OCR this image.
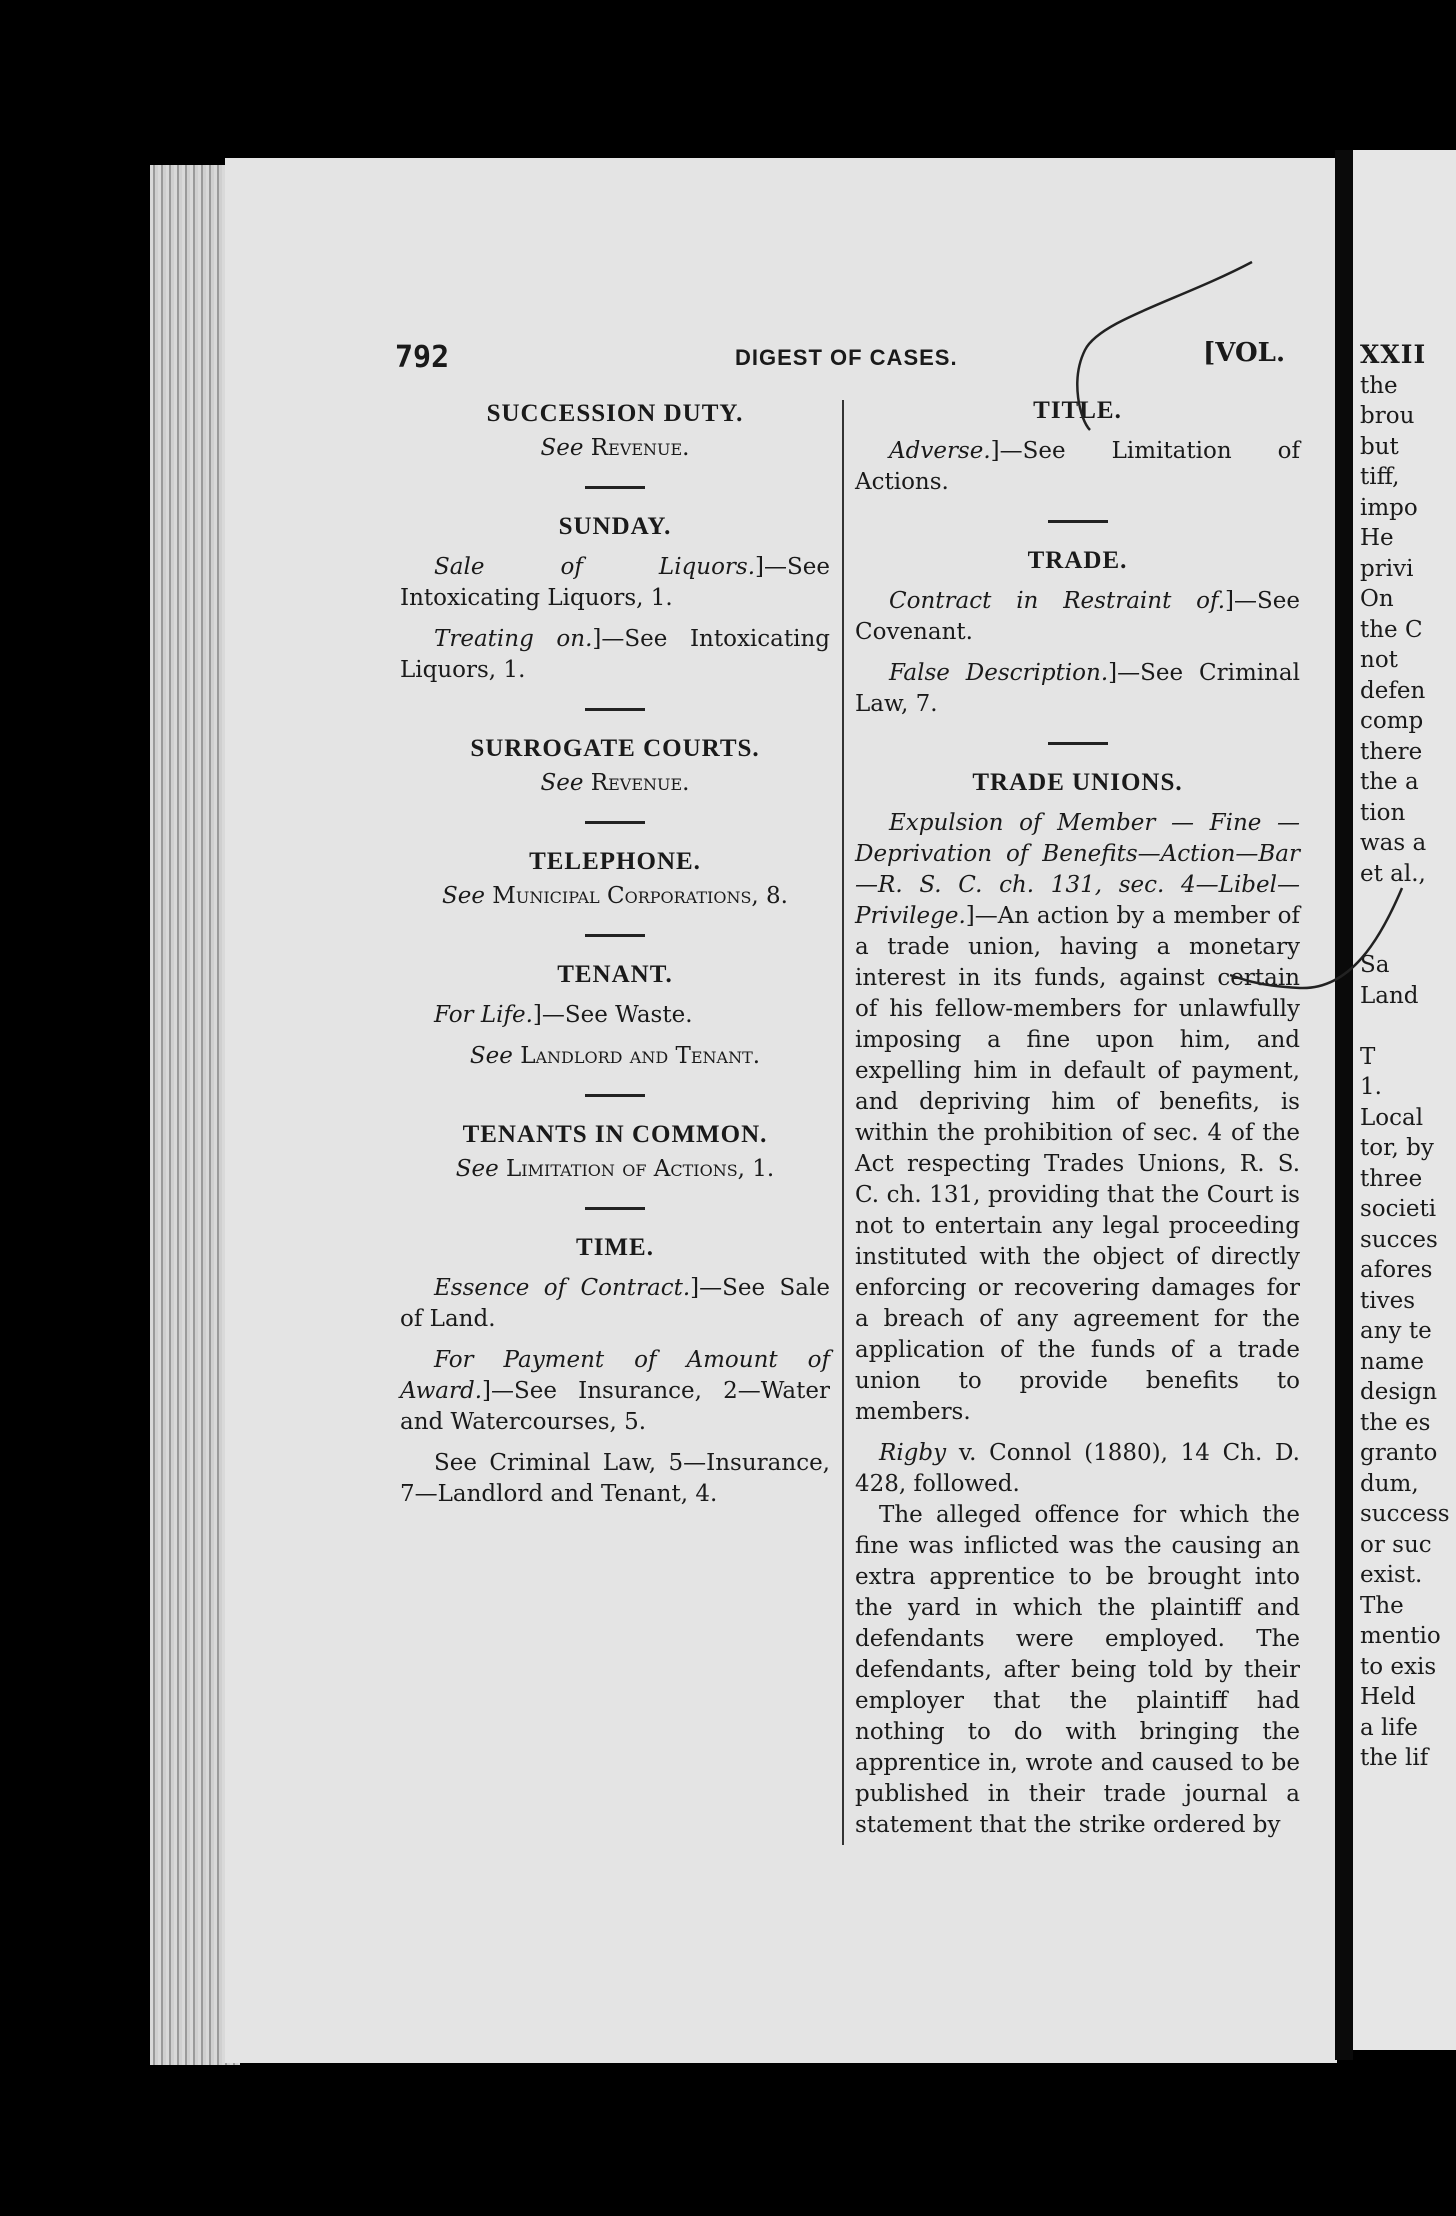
792	DIGEST OF CASES.	[VOL.

SUCCESSION DUTY.

See Revenue.

SUNDAY.

Sale of Liquors.]—See Intoxicating Liquors, 1.

Treating on.]—See Intoxicating Liquors, 1.

SURROGATE COURTS.

See Revenue.

TELEPHONE.

See Municipal Corporations, 8.

TENANT.

For Life.]—See Waste.

See Landlord and Tenant.

TENANTS IN COMMON.

See Limitation of Actions, 1.

TIME.

Essence of Contract.]—See Sale of Land.

For Payment of Amount of Award.]—See Insurance, 2—Water and Watercourses, 5.

See Criminal Law, 5—Insurance, 7—Landlord and Tenant, 4.

TITLE.

Adverse.]—See Limitation of Actions.

TRADE.

Contract in Restraint of.]—See Covenant.

False Description.]—See Criminal Law, 7.

TRADE UNIONS.

Expulsion of Member — Fine — Deprivation of Benefits—Action—Bar—R. S. C. ch. 131, sec. 4—Libel—Privilege.]—An action by a member of a trade union, having a monetary interest in its funds, against certain of his fellow-members for unlawfully imposing a fine upon him, and expelling him in default of payment, and depriving him of benefits, is within the prohibition of sec. 4 of the Act respecting Trades Unions, R. S. C. ch. 131, providing that the Court is not to entertain any legal proceeding instituted with the object of directly enforcing or recovering damages for a breach of any agreement for the application of the funds of a trade union to provide benefits to members.

Rigby v. Connol (1880), 14 Ch. D. 428, followed.

The alleged offence for which the fine was inflicted was the causing an extra apprentice to be brought into the yard in which the plaintiff and defendants were employed. The defendants, after being told by their employer that the plaintiff had nothing to do with bringing the apprentice in, wrote and caused to be published in their trade journal a statement that the strike ordered by

XXII
the
brou
but
tiff,
impo
He
privi
On
the C
not
defen
comp
there
the a
tion
was a
et al.,
Sa
Land
T
1.
Local
tor, by
three
societi
succes
afores
tives
any te
name
design
the es
granto
dum,
success
or suc
exist.
The
mentio
to exis
Held
a life
the lif
